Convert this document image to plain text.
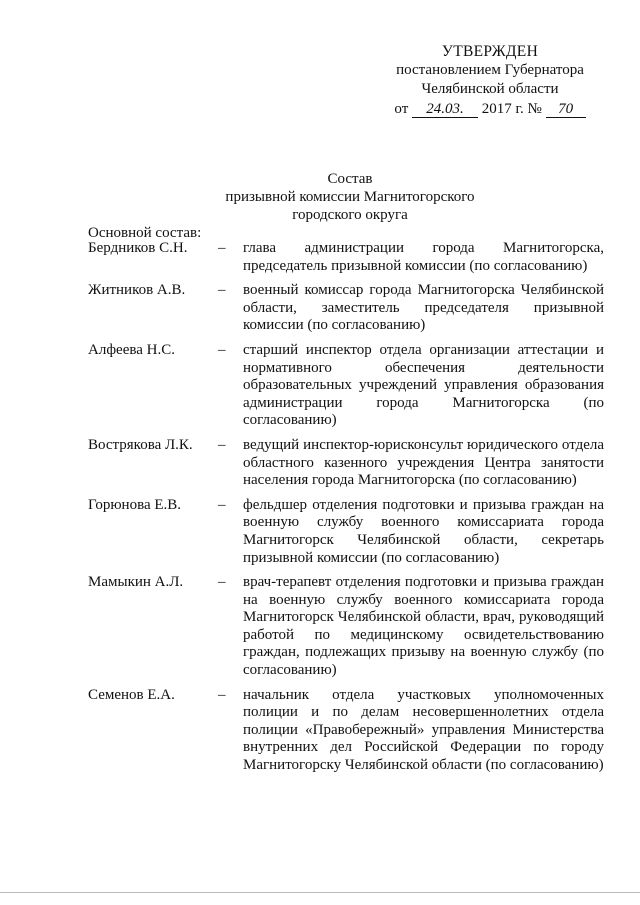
УТВЕРЖДЕН
постановлением Губернатора
Челябинской области
от 24.03. 2017 г. № 70
Состав
призывной комиссии Магнитогорского
городского округа
Основной состав:
Бердников С.Н.	–	глава администрации города Магнитогорска, председатель призывной комиссии (по согласованию)
Житников А.В.	–	военный комиссар города Магнитогорска Челябинской области, заместитель председателя призывной комиссии (по согласованию)
Алфеева Н.С.	–	старший инспектор отдела организации аттестации и нормативного обеспечения деятельности образовательных учреждений управления образования администрации города Магнитогорска (по согласованию)
Вострякова Л.К.	–	ведущий инспектор-юрисконсульт юридического отдела областного казенного учреждения Центра занятости населения города Магнитогорска (по согласованию)
Горюнова Е.В.	–	фельдшер отделения подготовки и призыва граждан на военную службу военного комиссариата города Магнитогорск Челябинской области, секретарь призывной комиссии (по согласованию)
Мамыкин А.Л.	–	врач-терапевт отделения подготовки и призыва граждан на военную службу военного комиссариата города Магнитогорск Челябинской области, врач, руководящий работой по медицинскому освидетельствованию граждан, подлежащих призыву на военную службу (по согласованию)
Семенов Е.А.	–	начальник отдела участковых уполномоченных полиции и по делам несовершеннолетних отдела полиции «Правобережный» управления Министерства внутренних дел Российской Федерации по городу Магнитогорску Челябинской области (по согласованию)
